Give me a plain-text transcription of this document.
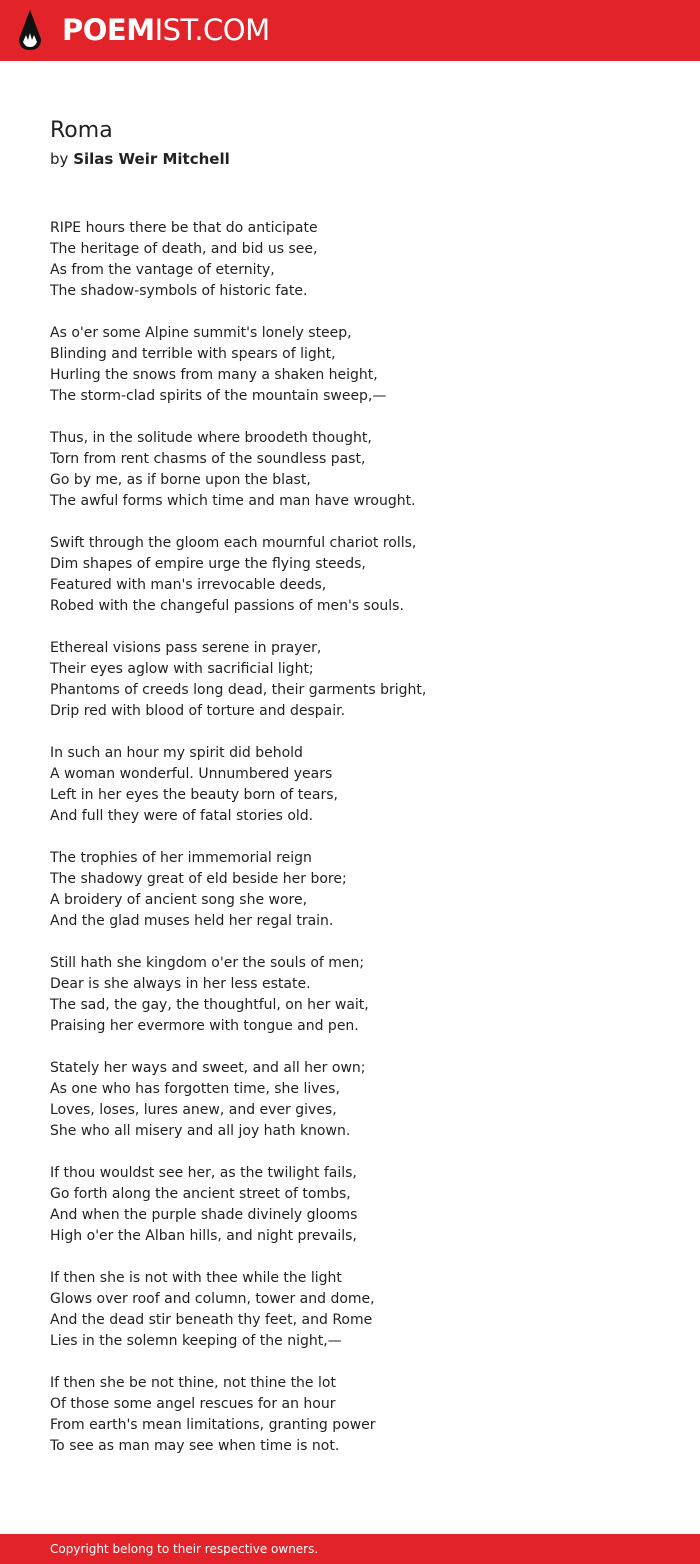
POEMIST.COM
Roma
by Silas Weir Mitchell
RIPE hours there be that do anticipate
The heritage of death, and bid us see,
As from the vantage of eternity,
The shadow-symbols of historic fate.
As o'er some Alpine summit's lonely steep,
Blinding and terrible with spears of light,
Hurling the snows from many a shaken height,
The storm-clad spirits of the mountain sweep,—
Thus, in the solitude where broodeth thought,
Torn from rent chasms of the soundless past,
Go by me, as if borne upon the blast,
The awful forms which time and man have wrought.
Swift through the gloom each mournful chariot rolls,
Dim shapes of empire urge the flying steeds,
Featured with man's irrevocable deeds,
Robed with the changeful passions of men's souls.
Ethereal visions pass serene in prayer,
Their eyes aglow with sacrificial light;
Phantoms of creeds long dead, their garments bright,
Drip red with blood of torture and despair.
In such an hour my spirit did behold
A woman wonderful. Unnumbered years
Left in her eyes the beauty born of tears,
And full they were of fatal stories old.
The trophies of her immemorial reign
The shadowy great of eld beside her bore;
A broidery of ancient song she wore,
And the glad muses held her regal train.
Still hath she kingdom o'er the souls of men;
Dear is she always in her less estate.
The sad, the gay, the thoughtful, on her wait,
Praising her evermore with tongue and pen.
Stately her ways and sweet, and all her own;
As one who has forgotten time, she lives,
Loves, loses, lures anew, and ever gives,
She who all misery and all joy hath known.
If thou wouldst see her, as the twilight fails,
Go forth along the ancient street of tombs,
And when the purple shade divinely glooms
High o'er the Alban hills, and night prevails,
If then she is not with thee while the light
Glows over roof and column, tower and dome,
And the dead stir beneath thy feet, and Rome
Lies in the solemn keeping of the night,—
If then she be not thine, not thine the lot
Of those some angel rescues for an hour
From earth's mean limitations, granting power
To see as man may see when time is not.
Copyright belong to their respective owners.
